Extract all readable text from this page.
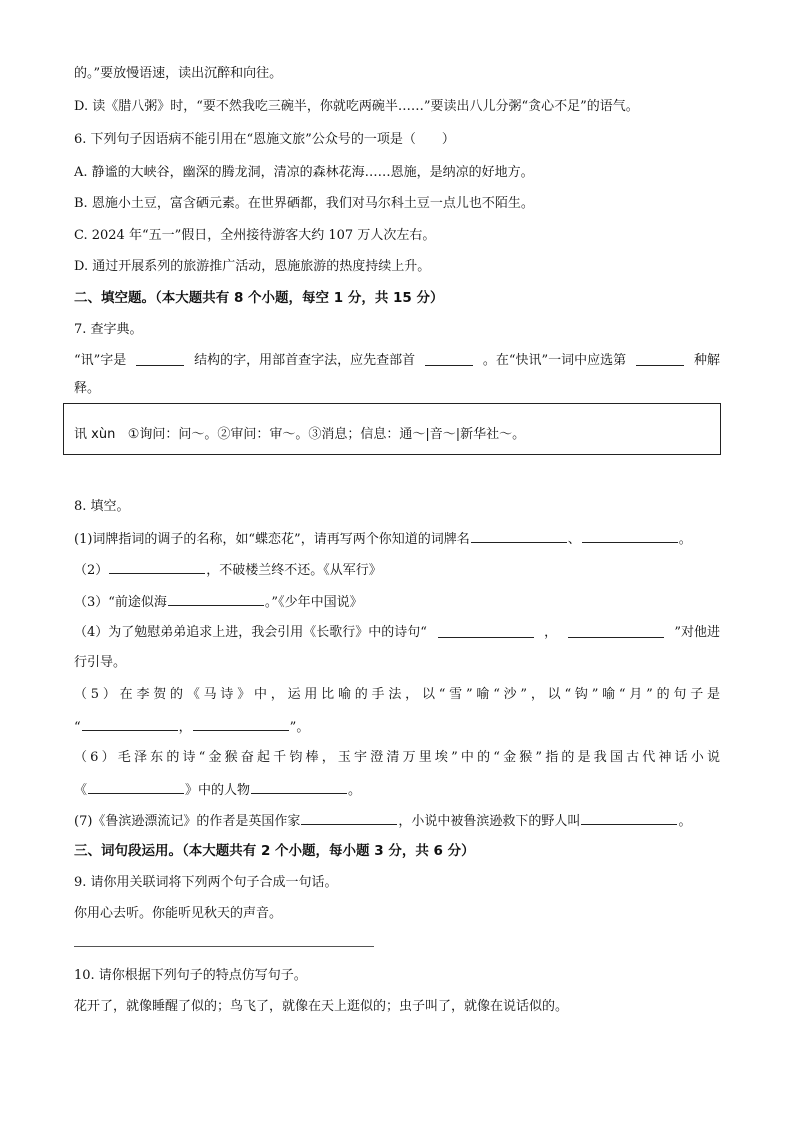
的。”要放慢语速，读出沉醉和向往。
D. 读《腊八粥》时，“要不然我吃三碗半，你就吃两碗半……”要读出八儿分粥“贪心不足”的语气。
6. 下列句子因语病不能引用在“恩施文旅”公众号的一项是（　　）
A. 静谧的大峡谷，幽深的腾龙洞，清凉的森林花海……恩施，是纳凉的好地方。
B. 恩施小土豆，富含硒元素。在世界硒都，我们对马尔科土豆一点儿也不陌生。
C. 2024 年“五一”假日，全州接待游客大约 107 万人次左右。
D. 通过开展系列的旅游推广活动，恩施旅游的热度持续上升。
二、填空题。（本大题共有 8 个小题，每空 1 分，共 15 分）
7. 查字典。
“讯”字是	结构的字，用部首查字法，应先查部首	。在“快讯”一词中应选第	种解
释。
讯 xùn ①询问：问～。②审问：审～。③消息；信息：通～|音～|新华社～。
8. 填空。
(1)词牌指词的调子的名称，如“蝶恋花”，请再写两个你知道的词牌名	、	。
（2）	，不破楼兰终不还。《从军行》
（3）“前途似海	。”《少年中国说》
（4）为了勉慰弟弟追求上进，我会引用《长歌行》中的诗句“	，	”对他进
行引导。
（5）在李贺的《马诗》中，运用比喻的手法，以“雪”喻“沙”，以“钩”喻“月”的句子是
“	，	”。
（6）毛泽东的诗“金猴奋起千钧棒，玉宇澄清万里埃”中的“金猴”指的是我国古代神话小说
《	》中的人物	。
(7)《鲁滨逊漂流记》的作者是英国作家	，小说中被鲁滨逊救下的野人叫	。
三、词句段运用。（本大题共有 2 个小题，每小题 3 分，共 6 分）
9. 请你用关联词将下列两个句子合成一句话。
你用心去听。你能听见秋天的声音。
10. 请你根据下列句子的特点仿写句子。
花开了，就像睡醒了似的；鸟飞了，就像在天上逛似的；虫子叫了，就像在说话似的。
